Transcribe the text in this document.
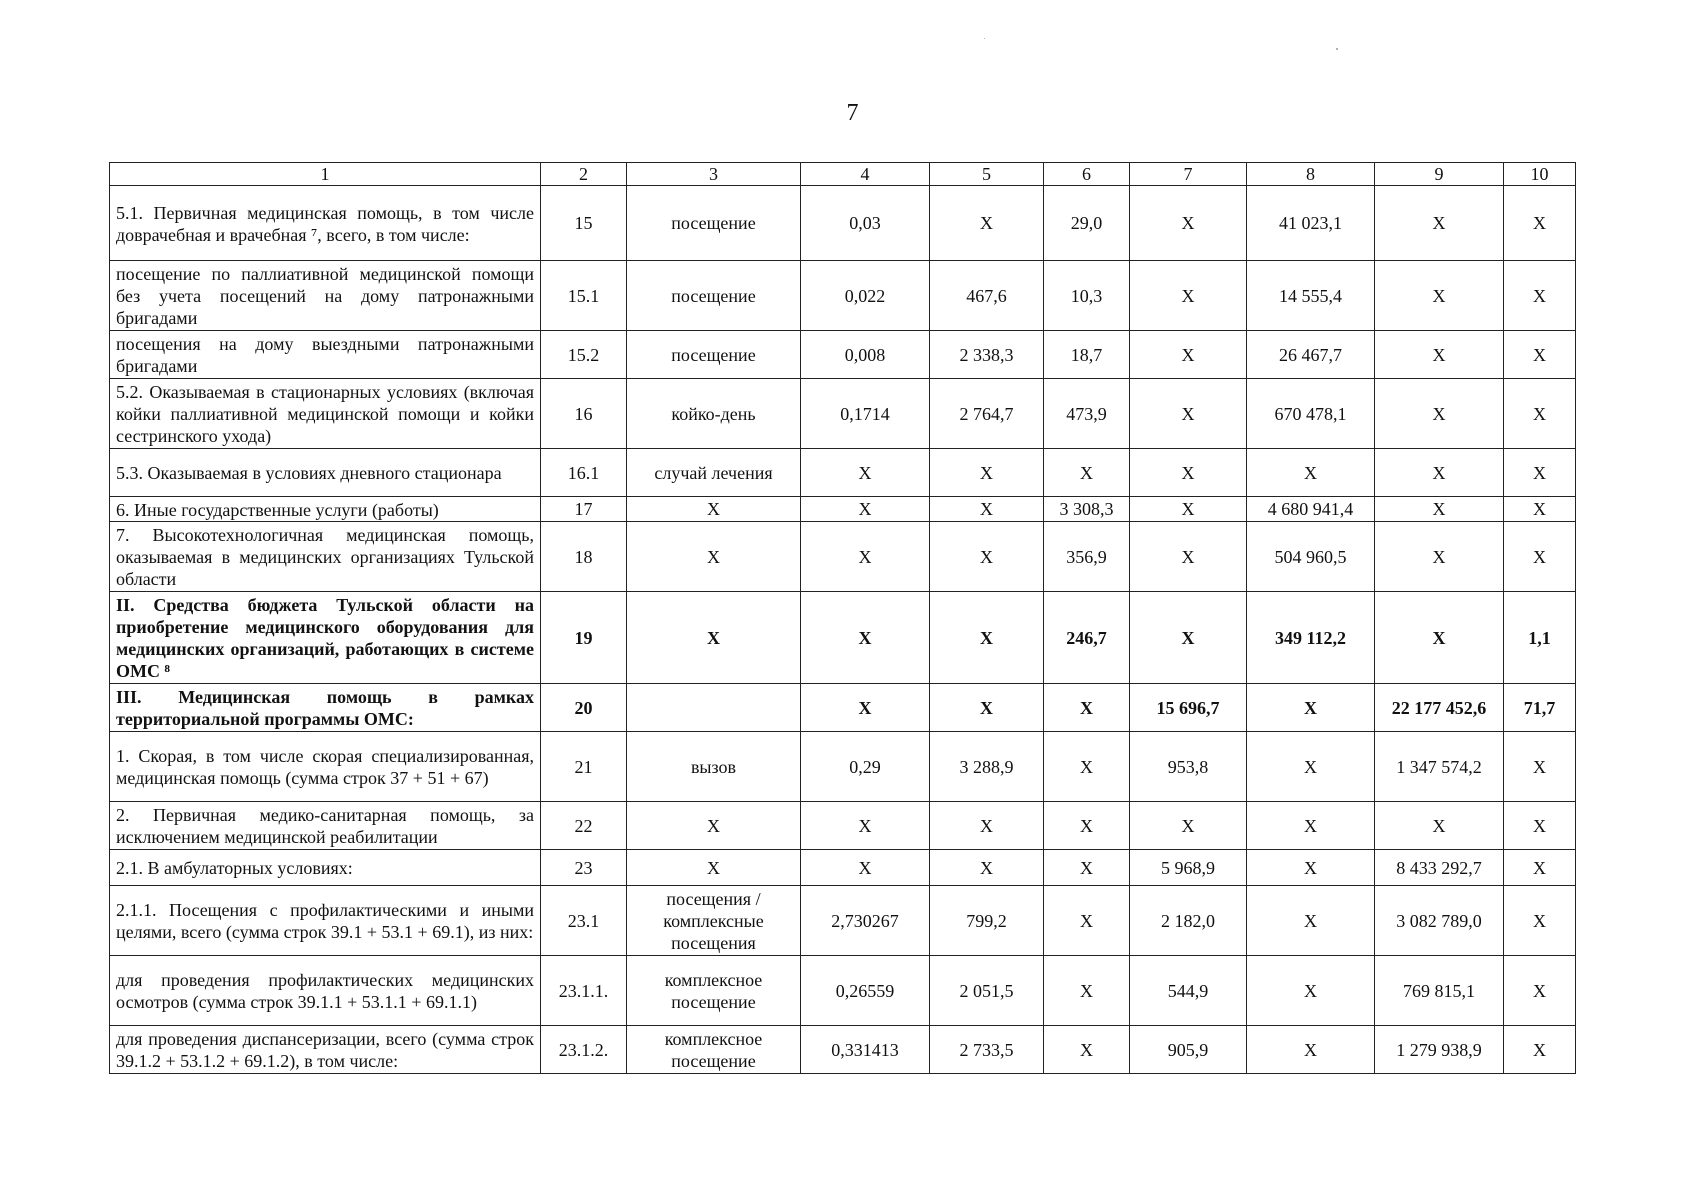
7
1	2	3	4	5	6	7	8	9	10
5.1. Первичная медицинская помощь, в том числе доврачебная и врачебная ⁷, всего, в том числе:	15	посещение	0,03	Х	29,0	Х	41 023,1	Х	Х
посещение по паллиативной медицинской помощи без учета посещений на дому патронажными бригадами	15.1	посещение	0,022	467,6	10,3	Х	14 555,4	Х	Х
посещения на дому выездными патронажными бригадами	15.2	посещение	0,008	2 338,3	18,7	Х	26 467,7	Х	Х
5.2. Оказываемая в стационарных условиях (включая койки паллиативной медицинской помощи и койки сестринского ухода)	16	койко-день	0,1714	2 764,7	473,9	Х	670 478,1	Х	Х
5.3. Оказываемая в условиях дневного стационара	16.1	случай лечения	Х	Х	Х	Х	Х	Х	Х
6. Иные государственные услуги (работы)	17	Х	Х	Х	3 308,3	Х	4 680 941,4	Х	Х
7. Высокотехнологичная медицинская помощь, оказываемая в медицинских организациях Тульской области	18	Х	Х	Х	356,9	Х	504 960,5	Х	Х
II. Средства бюджета Тульской области на приобретение медицинского оборудования для медицинских организаций, работающих в системе ОМС ⁸	19	Х	Х	Х	246,7	Х	349 112,2	Х	1,1
III. Медицинская помощь в рамках территориальной программы ОМС:	20		Х	Х	Х	15 696,7	Х	22 177 452,6	71,7
1. Скорая, в том числе скорая специализированная, медицинская помощь (сумма строк 37 + 51 + 67)	21	вызов	0,29	3 288,9	Х	953,8	Х	1 347 574,2	Х
2. Первичная медико-санитарная помощь, за исключением медицинской реабилитации	22	Х	Х	Х	Х	Х	Х	Х	Х
2.1. В амбулаторных условиях:	23	Х	Х	Х	Х	5 968,9	Х	8 433 292,7	Х
2.1.1. Посещения с профилактическими и иными целями, всего (сумма строк 39.1 + 53.1 + 69.1), из них:	23.1	посещения / комплексные посещения	2,730267	799,2	Х	2 182,0	Х	3 082 789,0	Х
для проведения профилактических медицинских осмотров (сумма строк 39.1.1 + 53.1.1 + 69.1.1)	23.1.1.	комплексное посещение	0,26559	2 051,5	Х	544,9	Х	769 815,1	Х
для проведения диспансеризации, всего (сумма строк 39.1.2 + 53.1.2 + 69.1.2), в том числе:	23.1.2.	комплексное посещение	0,331413	2 733,5	Х	905,9	Х	1 279 938,9	Х
